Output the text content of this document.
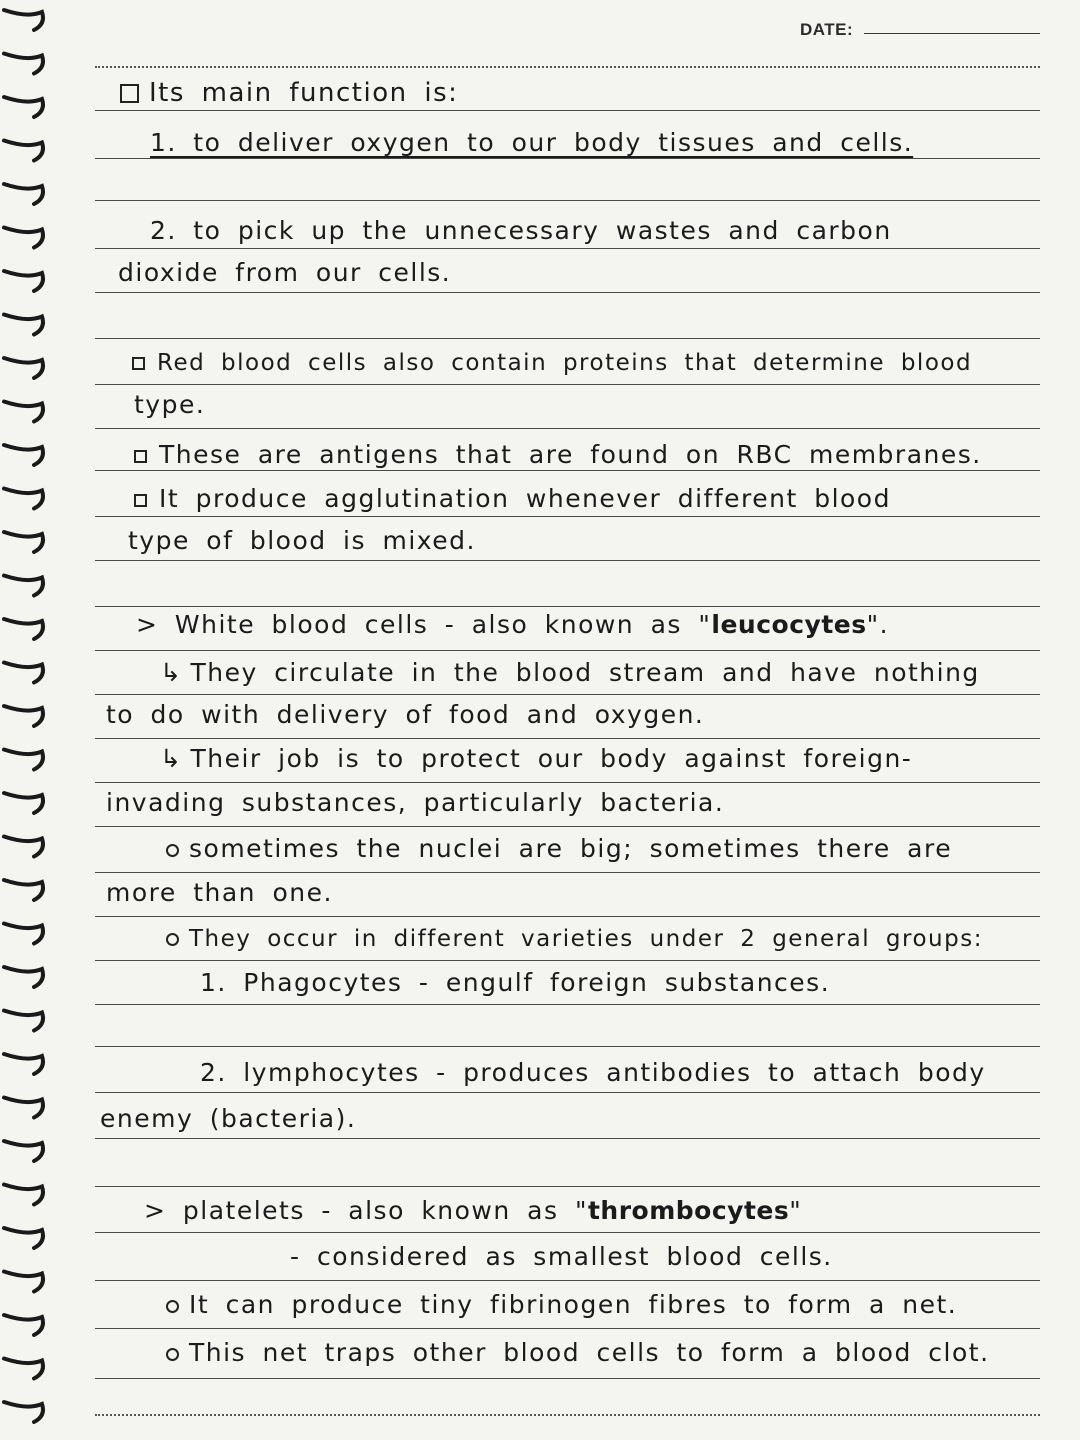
DATE:
Its main function is:
1. to deliver oxygen to our body tissues and cells.
2. to pick up the unnecessary wastes and carbon
dioxide from our cells.
Red blood cells also contain proteins that determine blood
type.
These are antigens that are found on RBC membranes.
It produce agglutination whenever different blood
type of blood is mixed.
> White blood cells - also known as "leucocytes".
↳ They circulate in the blood stream and have nothing
to do with delivery of food and oxygen.
↳ Their job is to protect our body against foreign-
invading substances, particularly bacteria.
sometimes the nuclei are big; sometimes there are
more than one.
They occur in different varieties under 2 general groups:
1. Phagocytes - engulf foreign substances.
2. lymphocytes - produces antibodies to attach body
enemy (bacteria).
> platelets - also known as "thrombocytes"
- considered as smallest blood cells.
It can produce tiny fibrinogen fibres to form a net.
This net traps other blood cells to form a blood clot.
